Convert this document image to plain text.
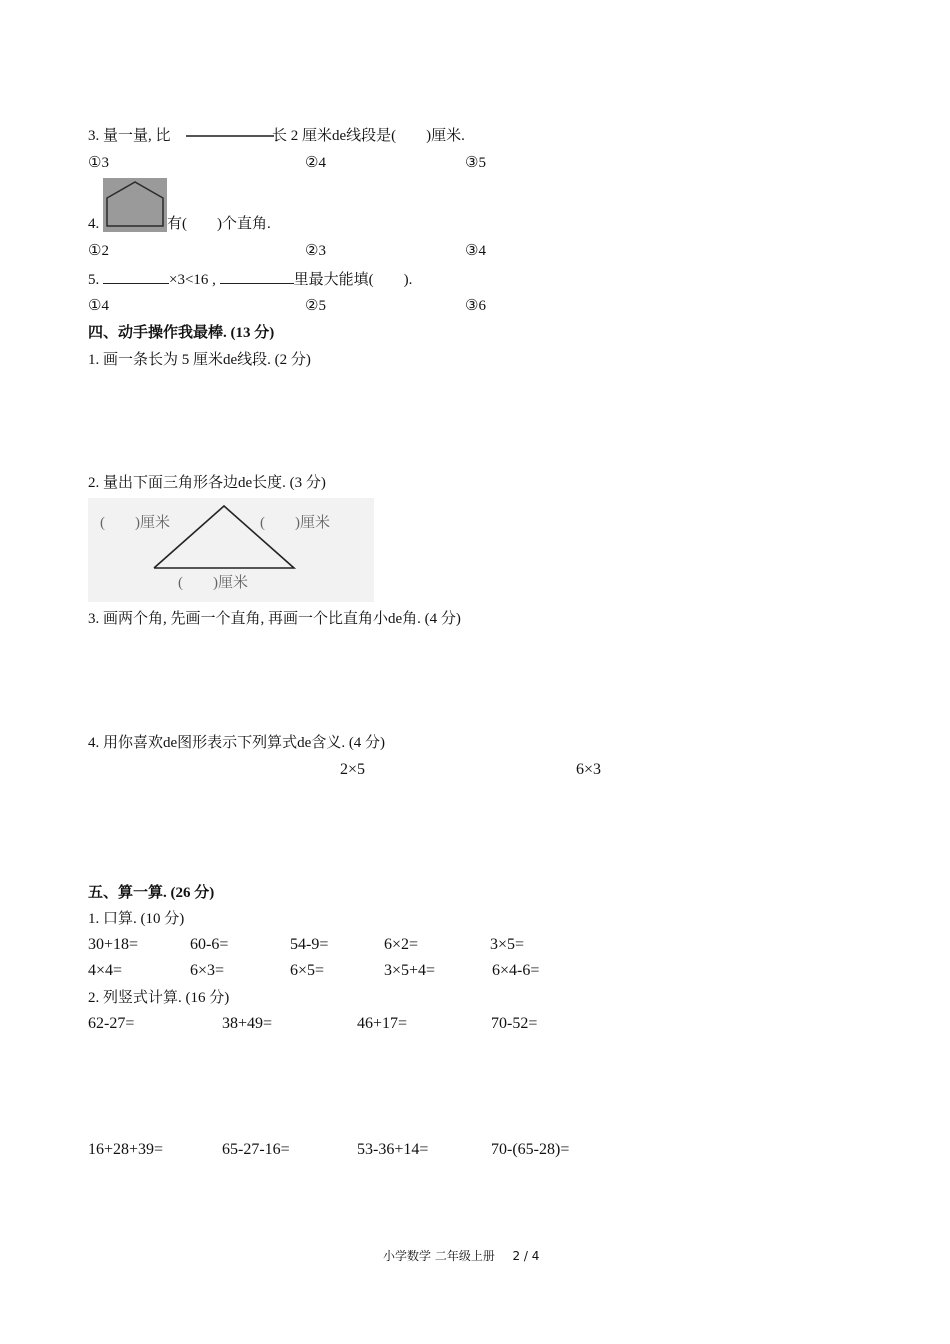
3. 量一量, 比	长 2 厘米de线段是(　　)厘米.
①3	②4	③5
4.	有(　　)个直角.
①2	②3	③4
5.	×3<16 ,	里最大能填(　　).
①4	②5	③6
四、动手操作我最棒. (13 分)
1. 画一条长为 5 厘米de线段. (2 分)
2. 量出下面三角形各边de长度. (3 分)
(　　)厘米	(　　)厘米
(　　)厘米
3. 画两个角, 先画一个直角, 再画一个比直角小de角. (4 分)
4. 用你喜欢de图形表示下列算式de含义. (4 分)
2×5	6×3
五、算一算. (26 分)
1. 口算. (10 分)
30+18=	60-6=	54-9=	6×2=	3×5=
4×4=	6×3=	6×5=	3×5+4=	6×4-6=
2. 列竖式计算. (16 分)
62-27=	38+49=	46+17=	70-52=
16+28+39=	65-27-16=	53-36+14=	70-(65-28)=
小学数学 二年级上册 2 / 4
